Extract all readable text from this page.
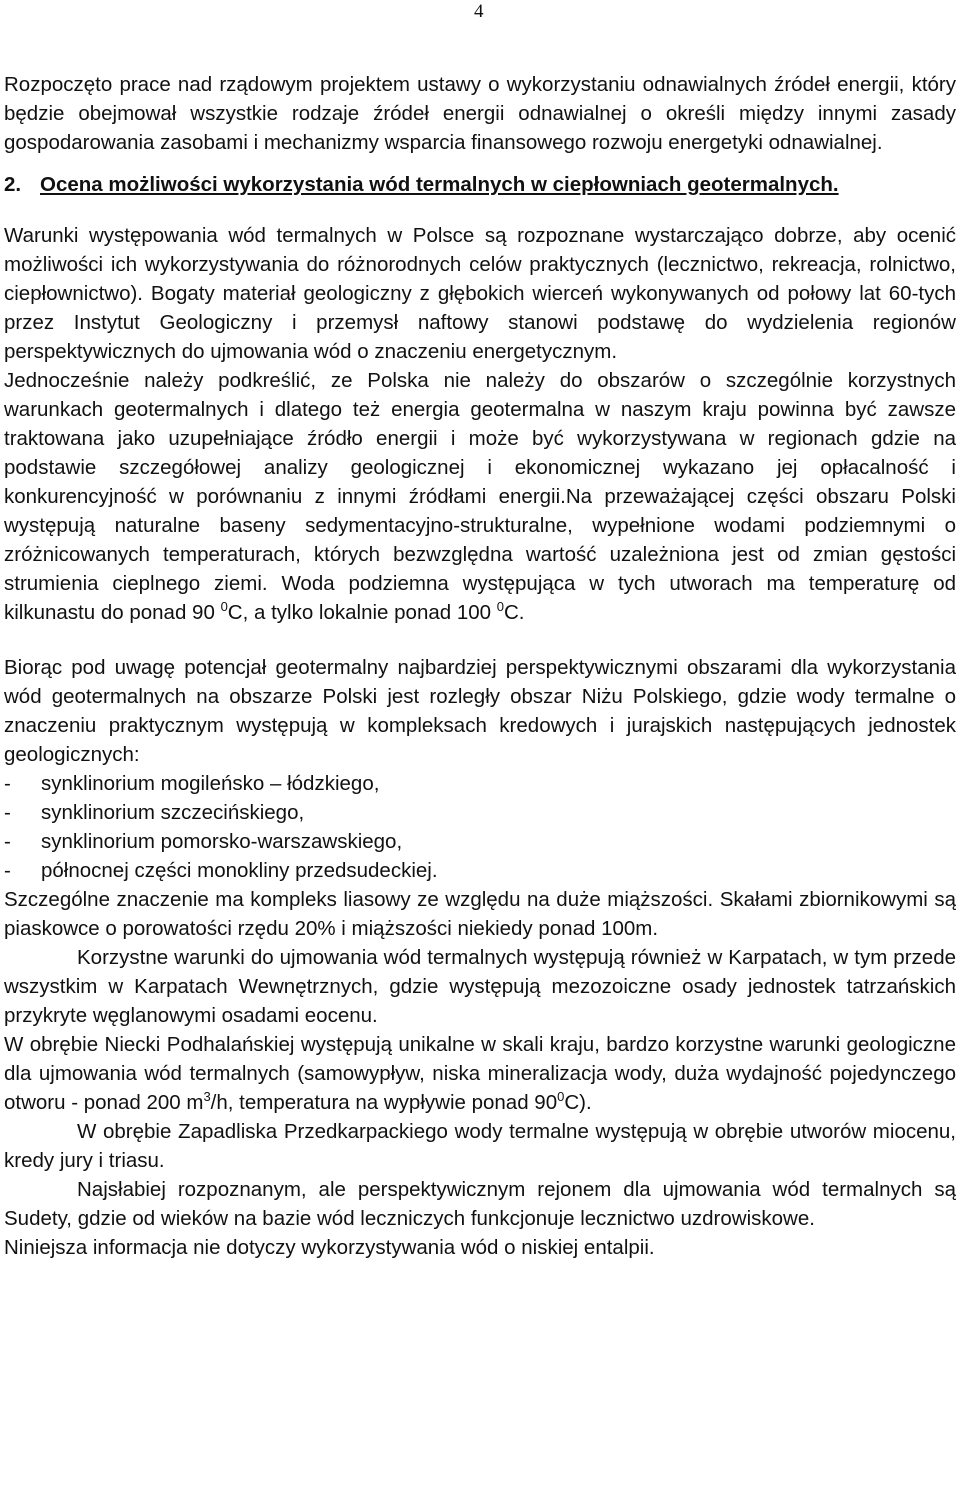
4

Rozpoczęto prace nad rządowym projektem ustawy o wykorzystaniu odnawialnych źródeł energii, który będzie obejmował wszystkie rodzaje źródeł energii odnawialnej o określi między innymi zasady gospodarowania zasobami i mechanizmy wsparcia finansowego rozwoju energetyki odnawialnej.

2. Ocena możliwości wykorzystania wód termalnych w ciepłowniach geotermalnych.

Warunki występowania wód termalnych w Polsce są rozpoznane wystarczająco dobrze, aby ocenić możliwości ich wykorzystywania do różnorodnych celów praktycznych (lecznictwo, rekreacja, rolnictwo, ciepłownictwo). Bogaty materiał geologiczny z głębokich wierceń wykonywanych od połowy lat 60-tych przez Instytut Geologiczny i przemysł naftowy stanowi podstawę do wydzielenia regionów perspektywicznych do ujmowania wód o znaczeniu energetycznym.

Jednocześnie należy podkreślić, ze Polska nie należy do obszarów o szczególnie korzystnych warunkach geotermalnych i dlatego też energia geotermalna w naszym kraju powinna być zawsze traktowana jako uzupełniające źródło energii i może być wykorzystywana w regionach gdzie na podstawie szczegółowej analizy geologicznej i ekonomicznej wykazano jej opłacalność i konkurencyjność w porównaniu z innymi źródłami energii.Na przeważającej części obszaru Polski występują naturalne baseny sedymentacyjno-strukturalne, wypełnione wodami podziemnymi o zróżnicowanych temperaturach, których bezwzględna wartość uzależniona jest od zmian gęstości strumienia cieplnego ziemi. Woda podziemna występująca w tych utworach ma temperaturę od kilkunastu do ponad 90 $^0$C, a tylko lokalnie ponad 100 $^0$C.

Biorąc pod uwagę potencjał geotermalny najbardziej perspektywicznymi obszarami dla wykorzystania wód geotermalnych na obszarze Polski jest rozległy obszar Niżu Polskiego, gdzie wody termalne o znaczeniu praktycznym występują w kompleksach kredowych i jurajskich następujących jednostek geologicznych:

-	synklinorium mogileńsko – łódzkiego,
-	synklinorium szczecińskiego,
-	synklinorium pomorsko-warszawskiego,
-	północnej części monokliny przedsudeckiej.

Szczególne znaczenie ma kompleks liasowy ze względu na duże miąższości. Skałami zbiornikowymi są piaskowce o porowatości rzędu 20% i miąższości niekiedy ponad 100m.

Korzystne warunki do ujmowania wód termalnych występują również w Karpatach, w tym przede wszystkim w Karpatach Wewnętrznych, gdzie występują mezozoiczne osady jednostek tatrzańskich przykryte węglanowymi osadami eocenu.

W obrębie Niecki Podhalańskiej występują unikalne w skali kraju, bardzo korzystne warunki geologiczne dla ujmowania wód termalnych (samowypływ, niska mineralizacja wody, duża wydajność pojedynczego otworu - ponad 200 $m^3/h$, temperatura na wypływie ponad $90^0C$).

W obrębie Zapadliska Przedkarpackiego wody termalne występują w obrębie utworów miocenu, kredy jury i triasu.

Najsłabiej rozpoznanym, ale perspektywicznym rejonem dla ujmowania wód termalnych są Sudety, gdzie od wieków na bazie wód leczniczych funkcjonuje lecznictwo uzdrowiskowe.

Niniejsza informacja nie dotyczy wykorzystywania wód o niskiej entalpii.
